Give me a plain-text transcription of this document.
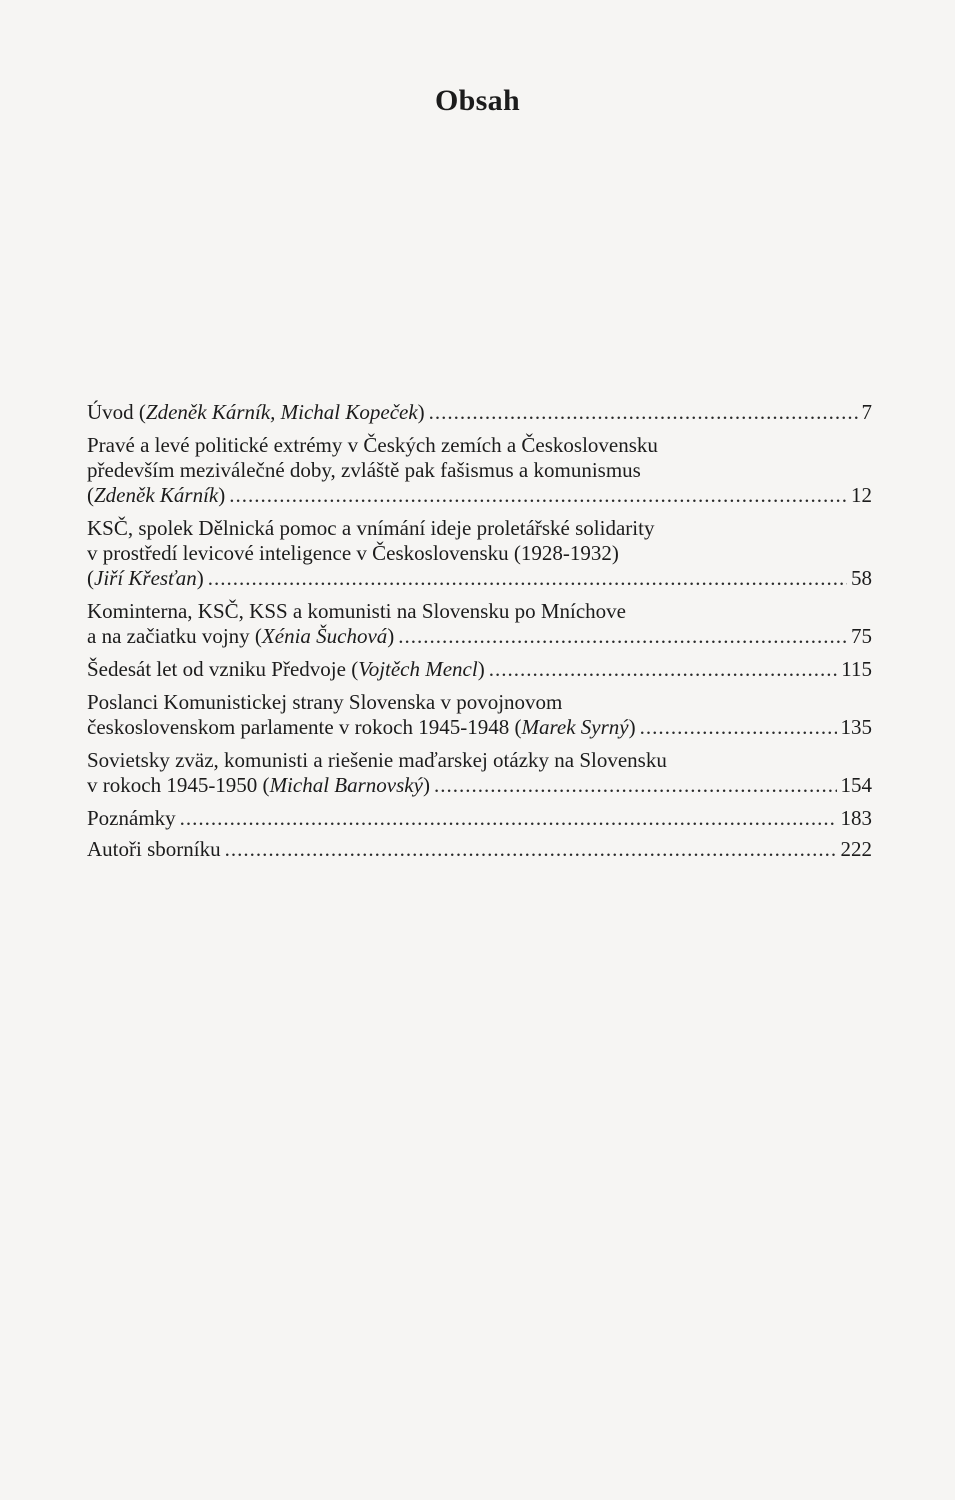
Obsah
Úvod (Zdeněk Kárník, Michal Kopeček) .....	7
Pravé a levé politické extrémy v Českých zemích a Československu
především meziválečné doby, zvláště pak fašismus a komunismus
(Zdeněk Kárník) .....	12
KSČ, spolek Dělnická pomoc a vnímání ideje proletářské solidarity
v prostředí levicové inteligence v Československu (1928-1932)
(Jiří Křesťan) .....	58
Kominterna, KSČ, KSS a komunisti na Slovensku po Mníchove
a na začiatku vojny (Xénia Šuchová) .....	75
Šedesát let od vzniku Předvoje (Vojtěch Mencl) .....	115
Poslanci Komunistickej strany Slovenska v povojnovom
československom parlamente v rokoch 1945-1948 (Marek Syrný) .....	135
Sovietsky zväz, komunisti a riešenie maďarskej otázky na Slovensku
v rokoch 1945-1950 (Michal Barnovský) .....	154
Poznámky .....	183
Autoři sborníku .....	222
